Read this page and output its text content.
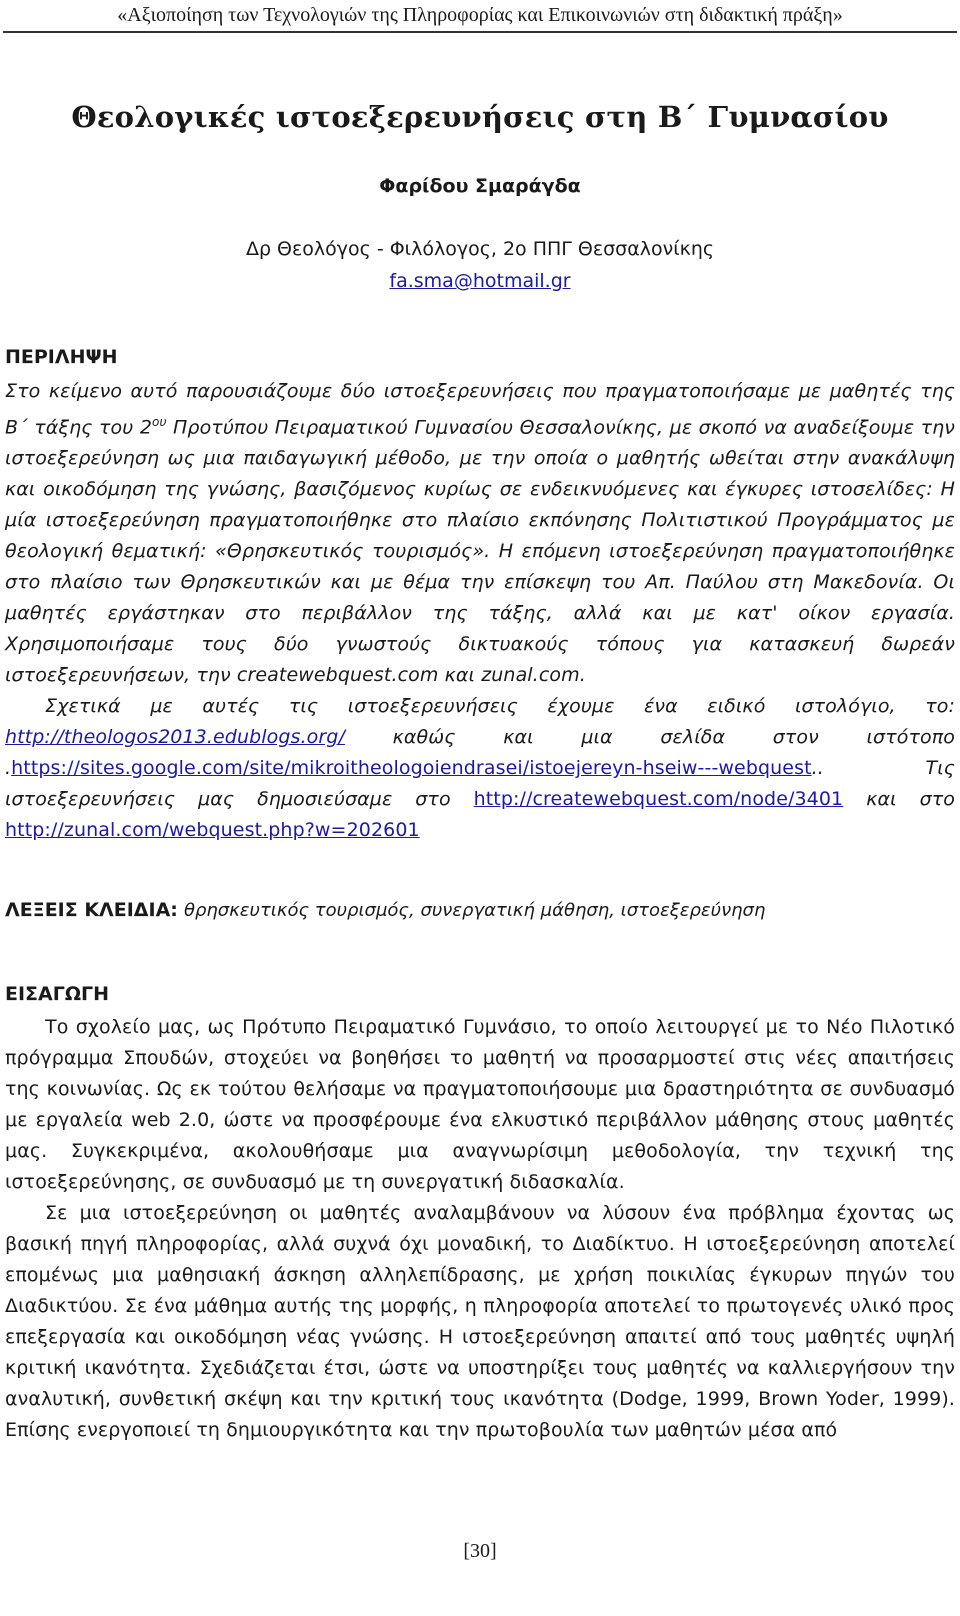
«Αξιοποίηση των Τεχνολογιών της Πληροφορίας και Επικοινωνιών στη διδακτική πράξη»
Θεολογικές ιστοεξερευνήσεις στη Β΄ Γυμνασίου
Φαρίδου Σμαράγδα
Δρ Θεολόγος - Φιλόλογος, 2ο ΠΠΓ Θεσσαλονίκης
fa.sma@hotmail.gr
ΠΕΡΙΛΗΨΗ

Στο κείμενο αυτό παρουσιάζουμε δύο ιστοεξερευνήσεις που πραγματοποιήσαμε με μαθητές της Β΄ τάξης του $2^{o\upsilon}$ Προτύπου Πειραματικού Γυμνασίου Θεσσαλονίκης, με σκοπό να αναδείξουμε την ιστοεξερεύνηση ως μια παιδαγωγική μέθοδο, με την οποία ο μαθητής ωθείται στην ανακάλυψη και οικοδόμηση της γνώσης, βασιζόμενος κυρίως σε ενδεικνυόμενες και έγκυρες ιστοσελίδες: Η μία ιστοεξερεύνηση πραγματοποιήθηκε στο πλαίσιο εκπόνησης Πολιτιστικού Προγράμματος με θεολογική θεματική: «Θρησκευτικός τουρισμός». Η επόμενη ιστοεξερεύνηση πραγματοποιήθηκε στο πλαίσιο των Θρησκευτικών και με θέμα την επίσκεψη του Απ. Παύλου στη Μακεδονία. Οι μαθητές εργάστηκαν στο περιβάλλον της τάξης, αλλά και με κατ' οίκον εργασία. Χρησιμοποιήσαμε τους δύο γνωστούς δικτυακούς τόπους για κατασκευή δωρεάν ιστοεξερευνήσεων, την createwebquest.com και zunal.com.

Σχετικά με αυτές τις ιστοεξερευνήσεις έχουμε ένα ειδικό ιστολόγιο, το: http://theologos2013.edublogs.org/ καθώς και μια σελίδα στον ιστότοπο .https://sites.google.com/site/mikroitheologoiendrasei/istoejereyn-hseiw---webquest.. Τις ιστοεξερευνήσεις μας δημοσιεύσαμε στο http://createwebquest.com/node/3401 και στο http://zunal.com/webquest.php?w=202601

ΛΕΞΕΙΣ ΚΛΕΙΔΙΑ: θρησκευτικός τουρισμός, συνεργατική μάθηση, ιστοεξερεύνηση
ΕΙΣΑΓΩΓΗ

Το σχολείο μας, ως Πρότυπο Πειραματικό Γυμνάσιο, το οποίο λειτουργεί με το Νέο Πιλοτικό πρόγραμμα Σπουδών, στοχεύει να βοηθήσει το μαθητή να προσαρμοστεί στις νέες απαιτήσεις της κοινωνίας. Ως εκ τούτου θελήσαμε να πραγματοποιήσουμε μια δραστηριότητα σε συνδυασμό με εργαλεία web 2.0, ώστε να προσφέρουμε ένα ελκυστικό περιβάλλον μάθησης στους μαθητές μας. Συγκεκριμένα, ακολουθήσαμε μια αναγνωρίσιμη μεθοδολογία, την τεχνική της ιστοεξερεύνησης, σε συνδυασμό με τη συνεργατική διδασκαλία.

Σε μια ιστοεξερεύνηση οι μαθητές αναλαμβάνουν να λύσουν ένα πρόβλημα έχοντας ως βασική πηγή πληροφορίας, αλλά συχνά όχι μοναδική, το Διαδίκτυο. Η ιστοεξερεύνηση αποτελεί επομένως μια μαθησιακή άσκηση αλληλεπίδρασης, με χρήση ποικιλίας έγκυρων πηγών του Διαδικτύου. Σε ένα μάθημα αυτής της μορφής, η πληροφορία αποτελεί το πρωτογενές υλικό προς επεξεργασία και οικοδόμηση νέας γνώσης. Η ιστοεξερεύνηση απαιτεί από τους μαθητές υψηλή κριτική ικανότητα. Σχεδιάζεται έτσι, ώστε να υποστηρίξει τους μαθητές να καλλιεργήσουν την αναλυτική, συνθετική σκέψη και την κριτική τους ικανότητα (Dodge, 1999, Brown Yoder, 1999). Επίσης ενεργοποιεί τη δημιουργικότητα και την πρωτοβουλία των μαθητών μέσα από

[30]
